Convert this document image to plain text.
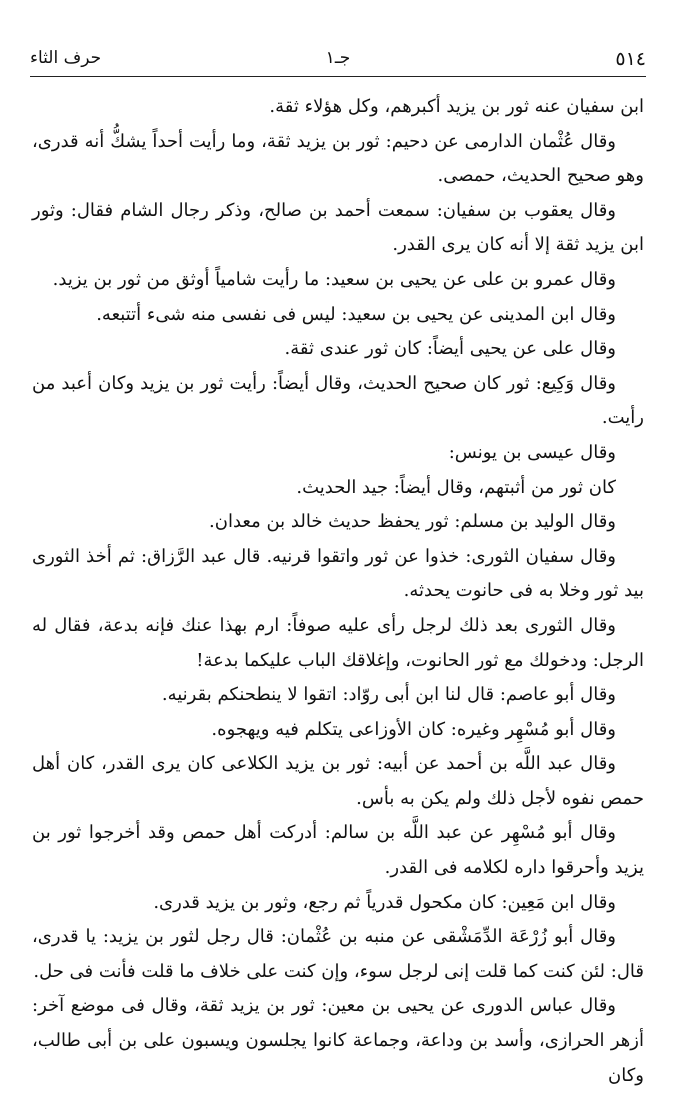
٥١٤
جـ١
حرف الثاء

ابن سفيان عنه ثور بن يزيد أكبرهم، وكل هؤلاء ثقة.

وقال عُثْمان الدارمى عن دحيم: ثور بن يزيد ثقة، وما رأيت أحداً يشكُّ أنه قدرى، وهو صحيح الحديث، حمصى.

وقال يعقوب بن سفيان: سمعت أحمد بن صالح، وذكر رجال الشام فقال: وثور ابن يزيد ثقة إلا أنه كان يرى القدر.

وقال عمرو بن على عن يحيى بن سعيد: ما رأيت شامياً أوثق من ثور بن يزيد.

وقال ابن المدينى عن يحيى بن سعيد: ليس فى نفسى منه شىء أتتبعه.

وقال على عن يحيى أيضاً: كان ثور عندى ثقة.

وقال وَكِيع: ثور كان صحيح الحديث، وقال أيضاً: رأيت ثور بن يزيد وكان أعبد من رأيت.

وقال عيسى بن يونس:

كان ثور من أثبتهم، وقال أيضاً: جيد الحديث.

وقال الوليد بن مسلم: ثور يحفظ حديث خالد بن معدان.

وقال سفيان الثورى: خذوا عن ثور واتقوا قرنيه. قال عبد الرَّزاق: ثم أخذ الثورى بيد ثور وخلا به فى حانوت يحدثه.

وقال الثورى بعد ذلك لرجل رأى عليه صوفاً: ارم بهذا عنك فإنه بدعة، فقال له الرجل: ودخولك مع ثور الحانوت، وإغلاقك الباب عليكما بدعة!

وقال أبو عاصم: قال لنا ابن أبى روّاد: اتقوا لا ينطحنكم بقرنيه.

وقال أبو مُسْهِر وغيره: كان الأوزاعى يتكلم فيه ويهجوه.

وقال عبد اللَّه بن أحمد عن أبيه: ثور بن يزيد الكلاعى كان يرى القدر، كان أهل حمص نفوه لأجل ذلك ولم يكن به بأس.

وقال أبو مُسْهِر عن عبد اللَّه بن سالم: أدركت أهل حمص وقد أخرجوا ثور بن يزيد وأحرقوا داره لكلامه فى القدر.

وقال ابن مَعِين: كان مكحول قدرياً ثم رجع، وثور بن يزيد قدرى.

وقال أبو زُرْعَة الدِّمَشْقى عن منبه بن عُثْمان: قال رجل لثور بن يزيد: يا قدرى، قال: لئن كنت كما قلت إنى لرجل سوء، وإن كنت على خلاف ما قلت فأنت فى حل.

وقال عباس الدورى عن يحيى بن معين: ثور بن يزيد ثقة، وقال فى موضع آخر: أزهر الحرازى، وأسد بن وداعة، وجماعة كانوا يجلسون ويسبون على بن أبى طالب، وكان
